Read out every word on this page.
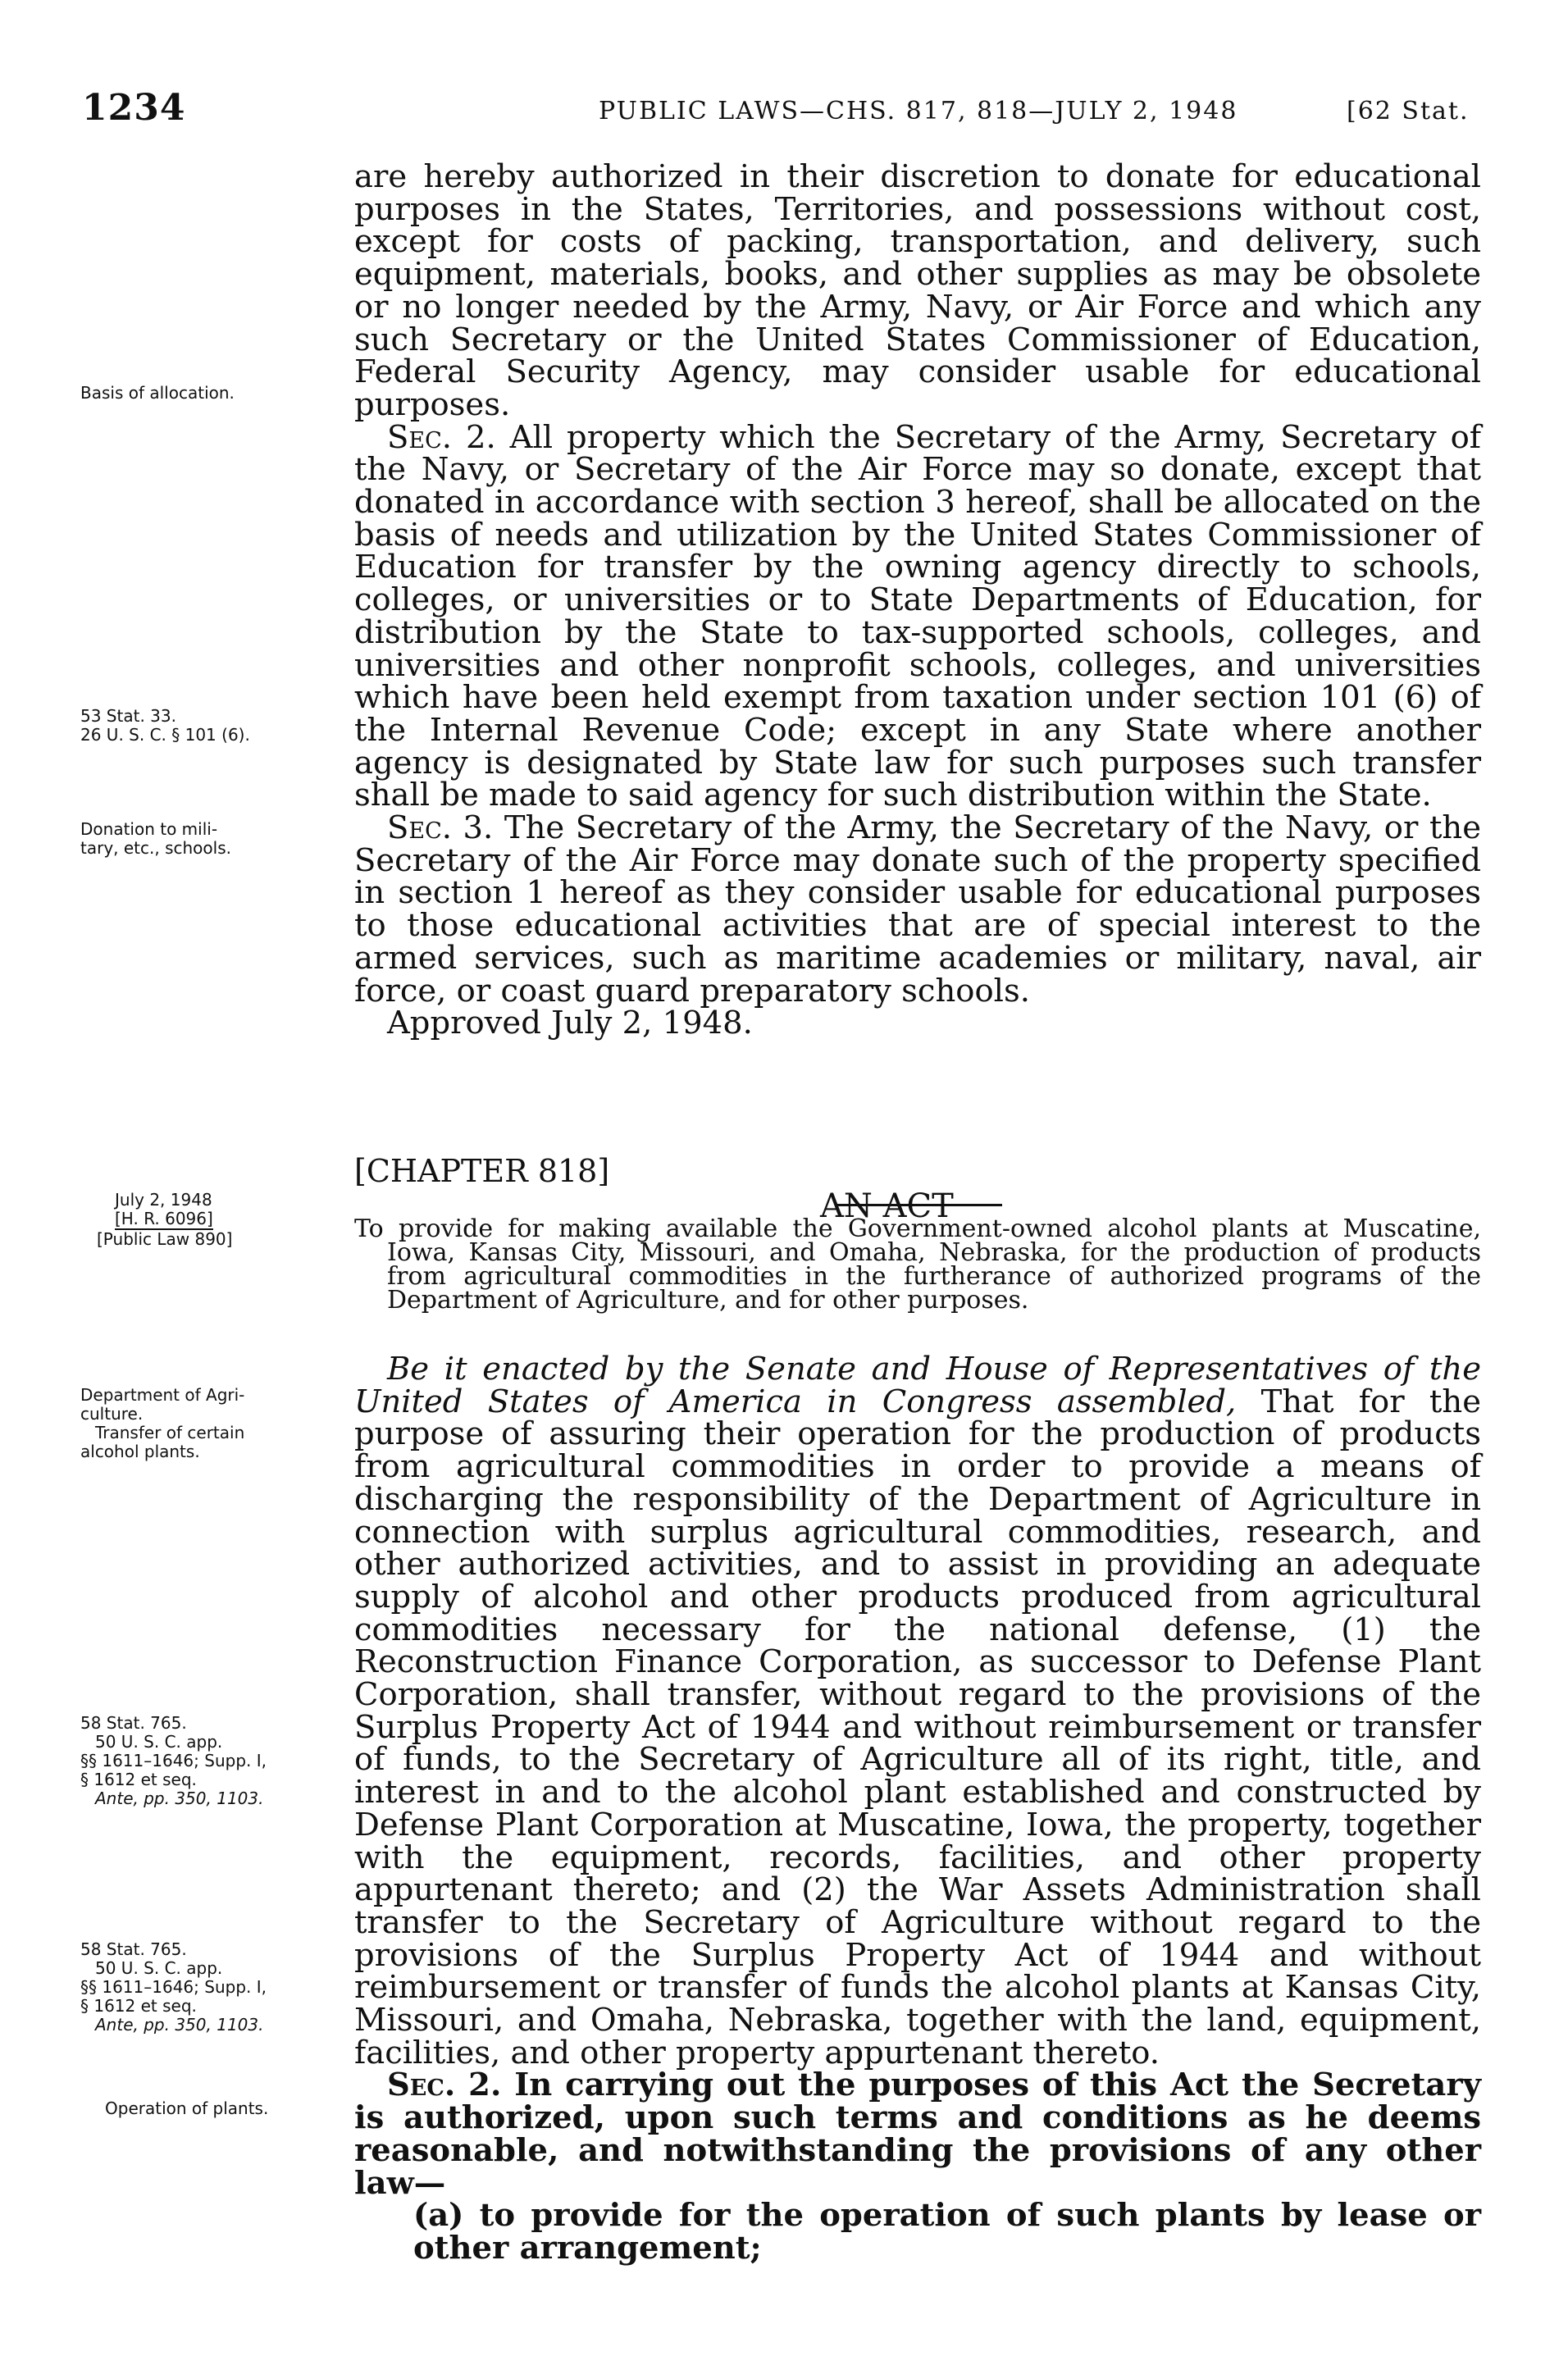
1234	PUBLIC LAWS—CHS. 817, 818—JULY 2, 1948	[62 Stat.
Basis of allocation.
53 Stat. 33.
26 U. S. C. § 101 (6).
Donation to mili-
tary, etc., schools.
July 2, 1948
[H. R. 6096]
[Public Law 890]
Department of Agri-
culture.
Transfer of certain
alcohol plants.
58 Stat. 765.
50 U. S. C. app.
§§ 1611–1646; Supp. I,
§ 1612 et seq.
Ante, pp. 350, 1103.
58 Stat. 765.
50 U. S. C. app.
§§ 1611–1646; Supp. I,
§ 1612 et seq.
Ante, pp. 350, 1103.
Operation of plants.

are hereby authorized in their discretion to donate for educational purposes in the States, Territories, and possessions without cost, except for costs of packing, transportation, and delivery, such equipment, materials, books, and other supplies as may be obsolete or no longer needed by the Army, Navy, or Air Force and which any such Secretary or the United States Commissioner of Education, Federal Security Agency, may consider usable for educational purposes.

Sec. 2. All property which the Secretary of the Army, Secretary of the Navy, or Secretary of the Air Force may so donate, except that donated in accordance with section 3 hereof, shall be allocated on the basis of needs and utilization by the United States Commissioner of Education for transfer by the owning agency directly to schools, colleges, or universities or to State Departments of Education, for distribution by the State to tax-supported schools, colleges, and universities and other nonprofit schools, colleges, and universities which have been held exempt from taxation under section 101 (6) of the Internal Revenue Code; except in any State where another agency is designated by State law for such purposes such transfer shall be made to said agency for such distribution within the State.

Sec. 3. The Secretary of the Army, the Secretary of the Navy, or the Secretary of the Air Force may donate such of the property specified in section 1 hereof as they consider usable for educational purposes to those educational activities that are of special interest to the armed services, such as maritime academies or military, naval, air force, or coast guard preparatory schools.

Approved July 2, 1948.

[CHAPTER 818]
AN ACT

To provide for making available the Government-owned alcohol plants at Muscatine, Iowa, Kansas City, Missouri, and Omaha, Nebraska, for the production of products from agricultural commodities in the furtherance of authorized programs of the Department of Agriculture, and for other purposes.

Be it enacted by the Senate and House of Representatives of the United States of America in Congress assembled, That for the purpose of assuring their operation for the production of products from agricultural commodities in order to provide a means of discharging the responsibility of the Department of Agriculture in connection with surplus agricultural commodities, research, and other authorized activities, and to assist in providing an adequate supply of alcohol and other products produced from agricultural commodities necessary for the national defense, (1) the Reconstruction Finance Corporation, as successor to Defense Plant Corporation, shall transfer, without regard to the provisions of the Surplus Property Act of 1944 and without reimbursement or transfer of funds, to the Secretary of Agriculture all of its right, title, and interest in and to the alcohol plant established and constructed by Defense Plant Corporation at Muscatine, Iowa, the property, together with the equipment, records, facilities, and other property appurtenant thereto; and (2) the War Assets Administration shall transfer to the Secretary of Agriculture without regard to the provisions of the Surplus Property Act of 1944 and without reimbursement or transfer of funds the alcohol plants at Kansas City, Missouri, and Omaha, Nebraska, together with the land, equipment, facilities, and other property appurtenant thereto.

Sec. 2. In carrying out the purposes of this Act the Secretary is authorized, upon such terms and conditions as he deems reasonable, and notwithstanding the provisions of any other law—

(a) to provide for the operation of such plants by lease or other arrangement;
